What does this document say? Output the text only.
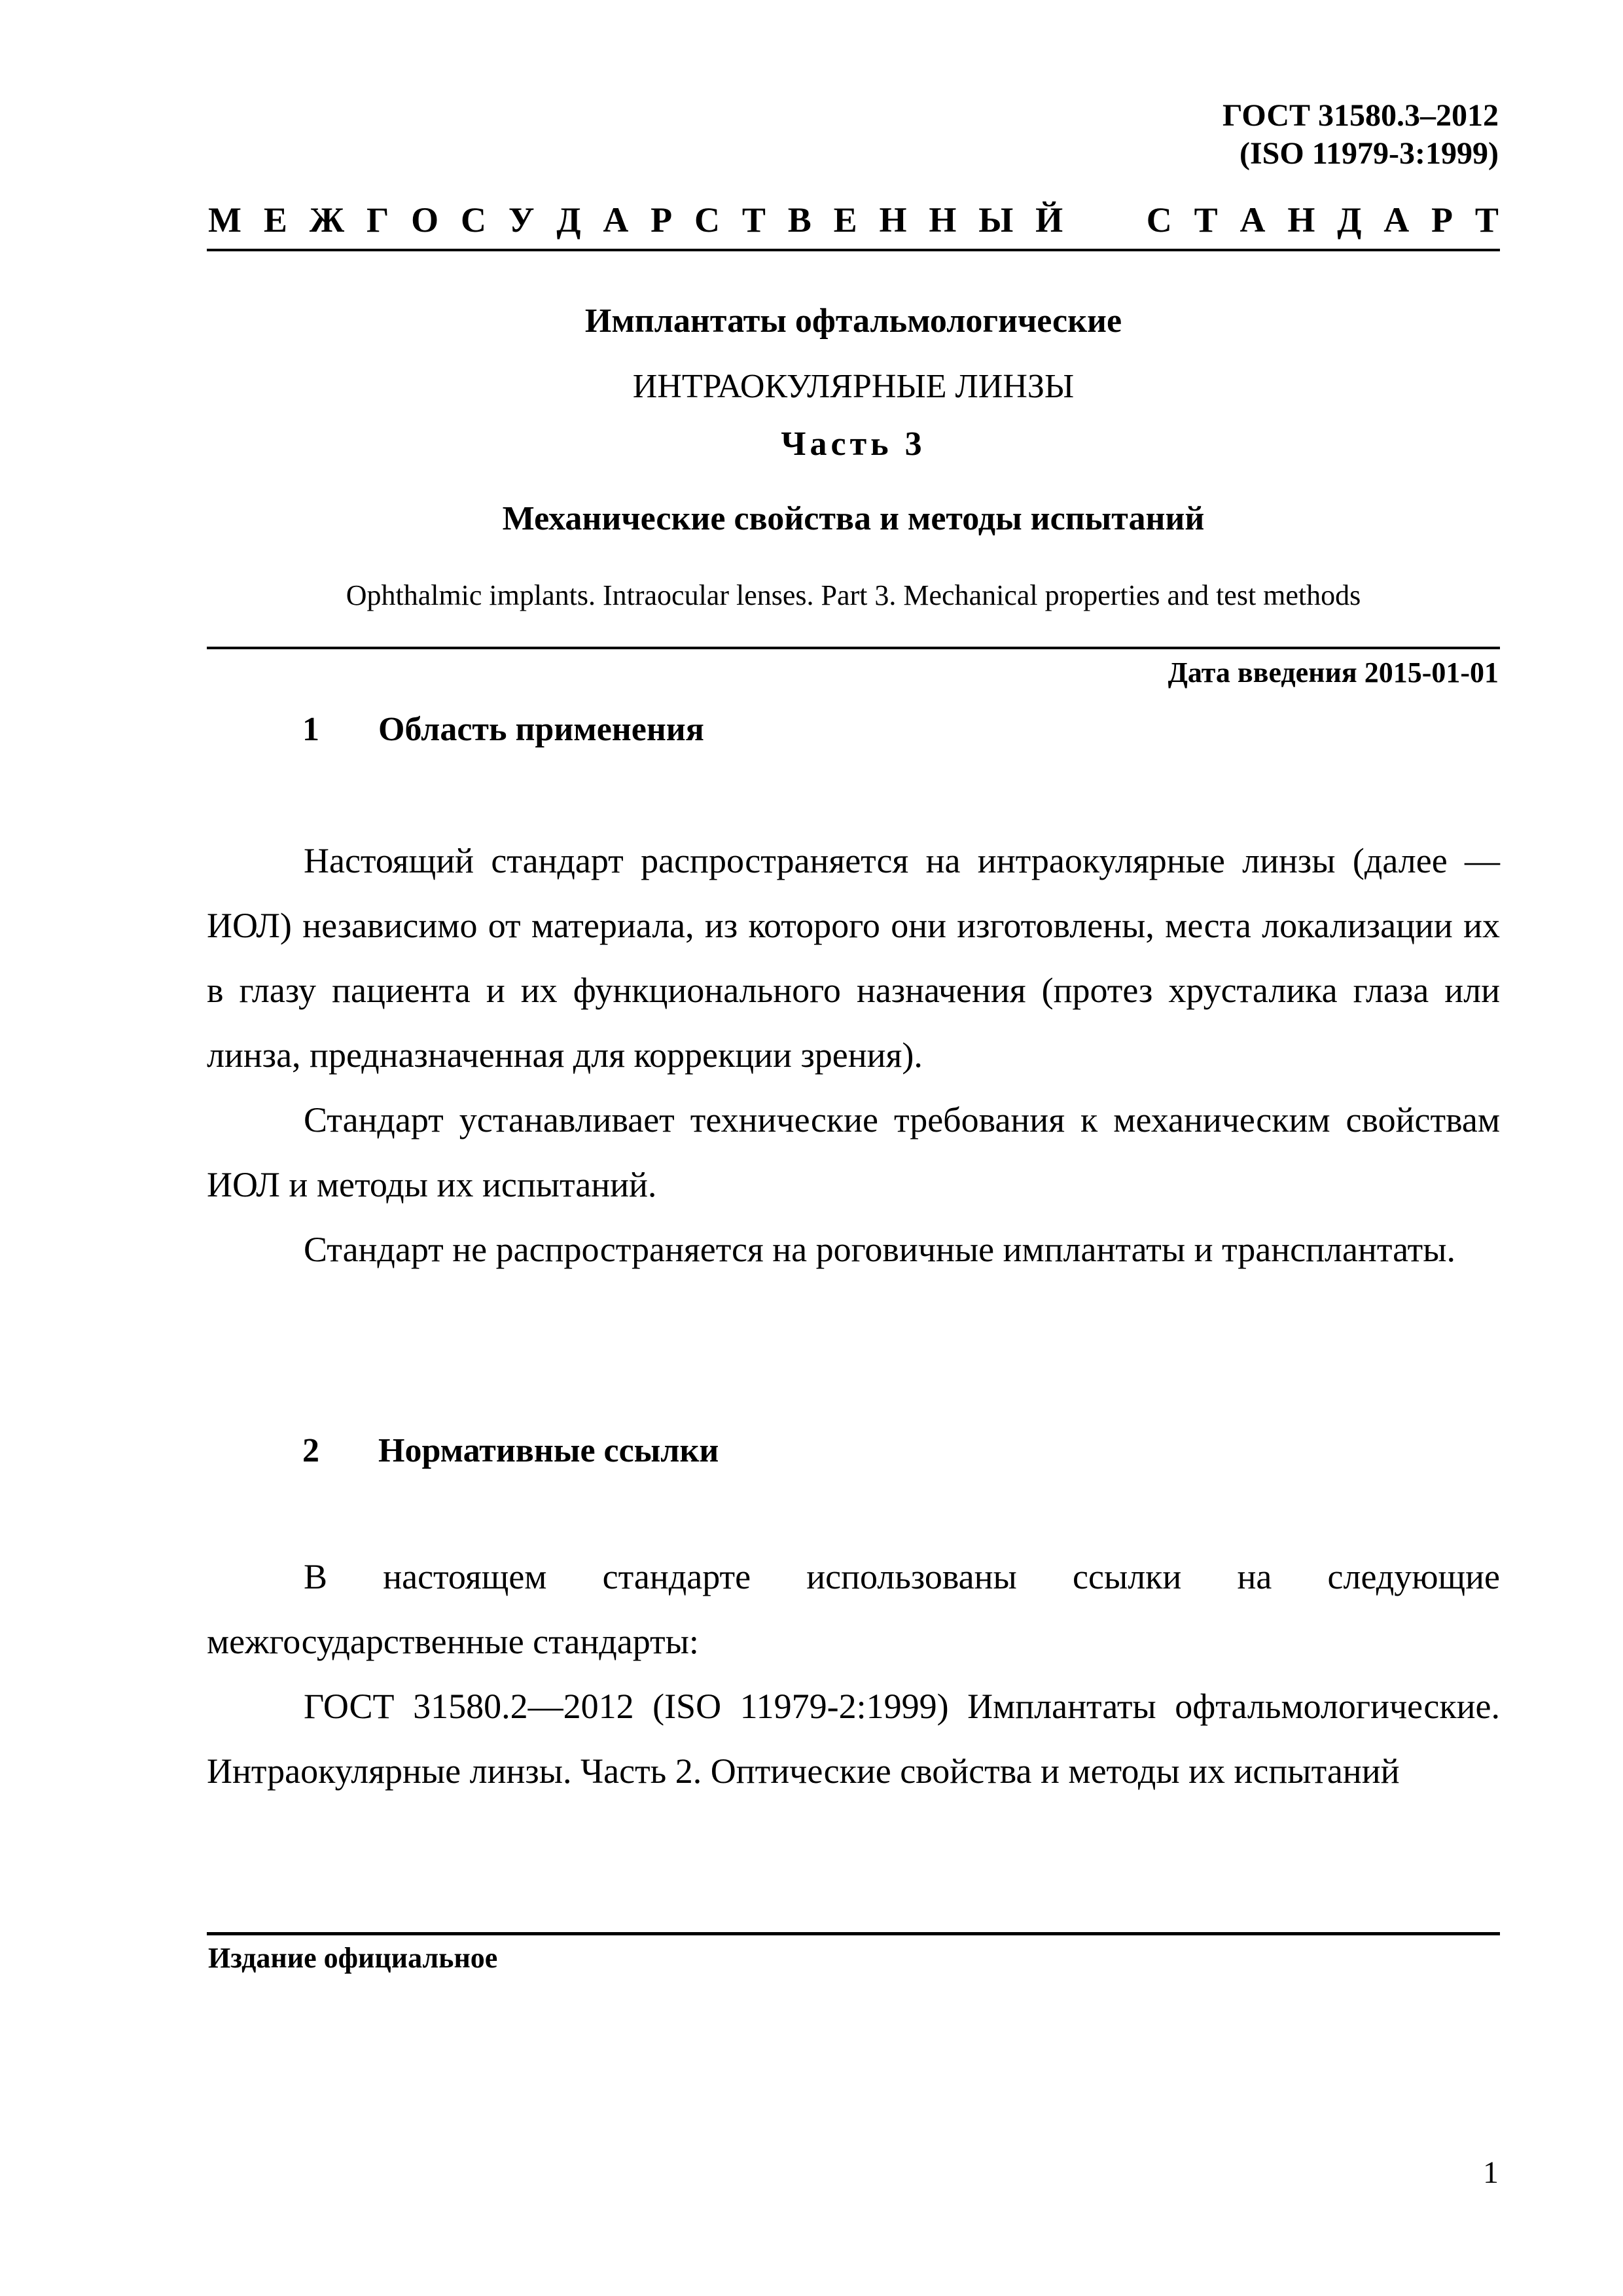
ГОСТ 31580.3–2012
(ISO 11979-3:1999)
М Е Ж Г О С У Д А Р С Т В Е Н Н Ы Й С Т А Н Д А Р Т
Имплантаты офтальмологические
ИНТРАОКУЛЯРНЫЕ ЛИНЗЫ
Часть 3
Механические свойства и методы испытаний
Ophthalmic implants. Intraocular lenses. Part 3. Mechanical properties and test methods
Дата введения 2015-01-01
1 Область применения

Настоящий стандарт распространяется на интраокулярные линзы (далее — ИОЛ) независимо от материала, из которого они изготовлены, места локализации их в глазу пациента и их функционального назначения (протез хрусталика глаза или линза, предназначенная для коррекции зрения).

Стандарт устанавливает технические требования к механическим свойствам ИОЛ и методы их испытаний.

Стандарт не распространяется на роговичные имплантаты и трансплантаты.

2 Нормативные ссылки

В настоящем стандарте использованы ссылки на следующие межгосударственные стандарты:

ГОСТ 31580.2—2012 (ISO 11979-2:1999) Имплантаты офтальмологические. Интраокулярные линзы. Часть 2. Оптические свойства и методы их испытаний

Издание официальное
1
